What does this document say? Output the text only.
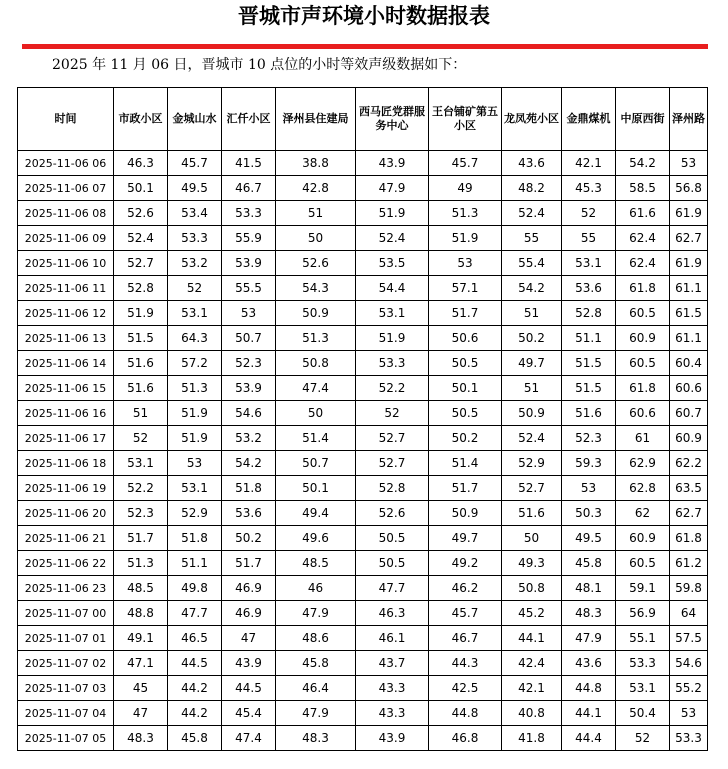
晋城市声环境小时数据报表
2025 年 11 月 06 日，晋城市 10 点位的小时等效声级数据如下：
时间	市政小区	金城山水	汇仟小区	泽州县住建局	西马匠党群服务中心	王台铺矿第五小区	龙凤苑小区	金鼎煤机	中原西街	泽州路
2025-11-06 06	46.3	45.7	41.5	38.8	43.9	45.7	43.6	42.1	54.2	53
2025-11-06 07	50.1	49.5	46.7	42.8	47.9	49	48.2	45.3	58.5	56.8
2025-11-06 08	52.6	53.4	53.3	51	51.9	51.3	52.4	52	61.6	61.9
2025-11-06 09	52.4	53.3	55.9	50	52.4	51.9	55	55	62.4	62.7
2025-11-06 10	52.7	53.2	53.9	52.6	53.5	53	55.4	53.1	62.4	61.9
2025-11-06 11	52.8	52	55.5	54.3	54.4	57.1	54.2	53.6	61.8	61.1
2025-11-06 12	51.9	53.1	53	50.9	53.1	51.7	51	52.8	60.5	61.5
2025-11-06 13	51.5	64.3	50.7	51.3	51.9	50.6	50.2	51.1	60.9	61.1
2025-11-06 14	51.6	57.2	52.3	50.8	53.3	50.5	49.7	51.5	60.5	60.4
2025-11-06 15	51.6	51.3	53.9	47.4	52.2	50.1	51	51.5	61.8	60.6
2025-11-06 16	51	51.9	54.6	50	52	50.5	50.9	51.6	60.6	60.7
2025-11-06 17	52	51.9	53.2	51.4	52.7	50.2	52.4	52.3	61	60.9
2025-11-06 18	53.1	53	54.2	50.7	52.7	51.4	52.9	59.3	62.9	62.2
2025-11-06 19	52.2	53.1	51.8	50.1	52.8	51.7	52.7	53	62.8	63.5
2025-11-06 20	52.3	52.9	53.6	49.4	52.6	50.9	51.6	50.3	62	62.7
2025-11-06 21	51.7	51.8	50.2	49.6	50.5	49.7	50	49.5	60.9	61.8
2025-11-06 22	51.3	51.1	51.7	48.5	50.5	49.2	49.3	45.8	60.5	61.2
2025-11-06 23	48.5	49.8	46.9	46	47.7	46.2	50.8	48.1	59.1	59.8
2025-11-07 00	48.8	47.7	46.9	47.9	46.3	45.7	45.2	48.3	56.9	64
2025-11-07 01	49.1	46.5	47	48.6	46.1	46.7	44.1	47.9	55.1	57.5
2025-11-07 02	47.1	44.5	43.9	45.8	43.7	44.3	42.4	43.6	53.3	54.6
2025-11-07 03	45	44.2	44.5	46.4	43.3	42.5	42.1	44.8	53.1	55.2
2025-11-07 04	47	44.2	45.4	47.9	43.3	44.8	40.8	44.1	50.4	53
2025-11-07 05	48.3	45.8	47.4	48.3	43.9	46.8	41.8	44.4	52	53.3
